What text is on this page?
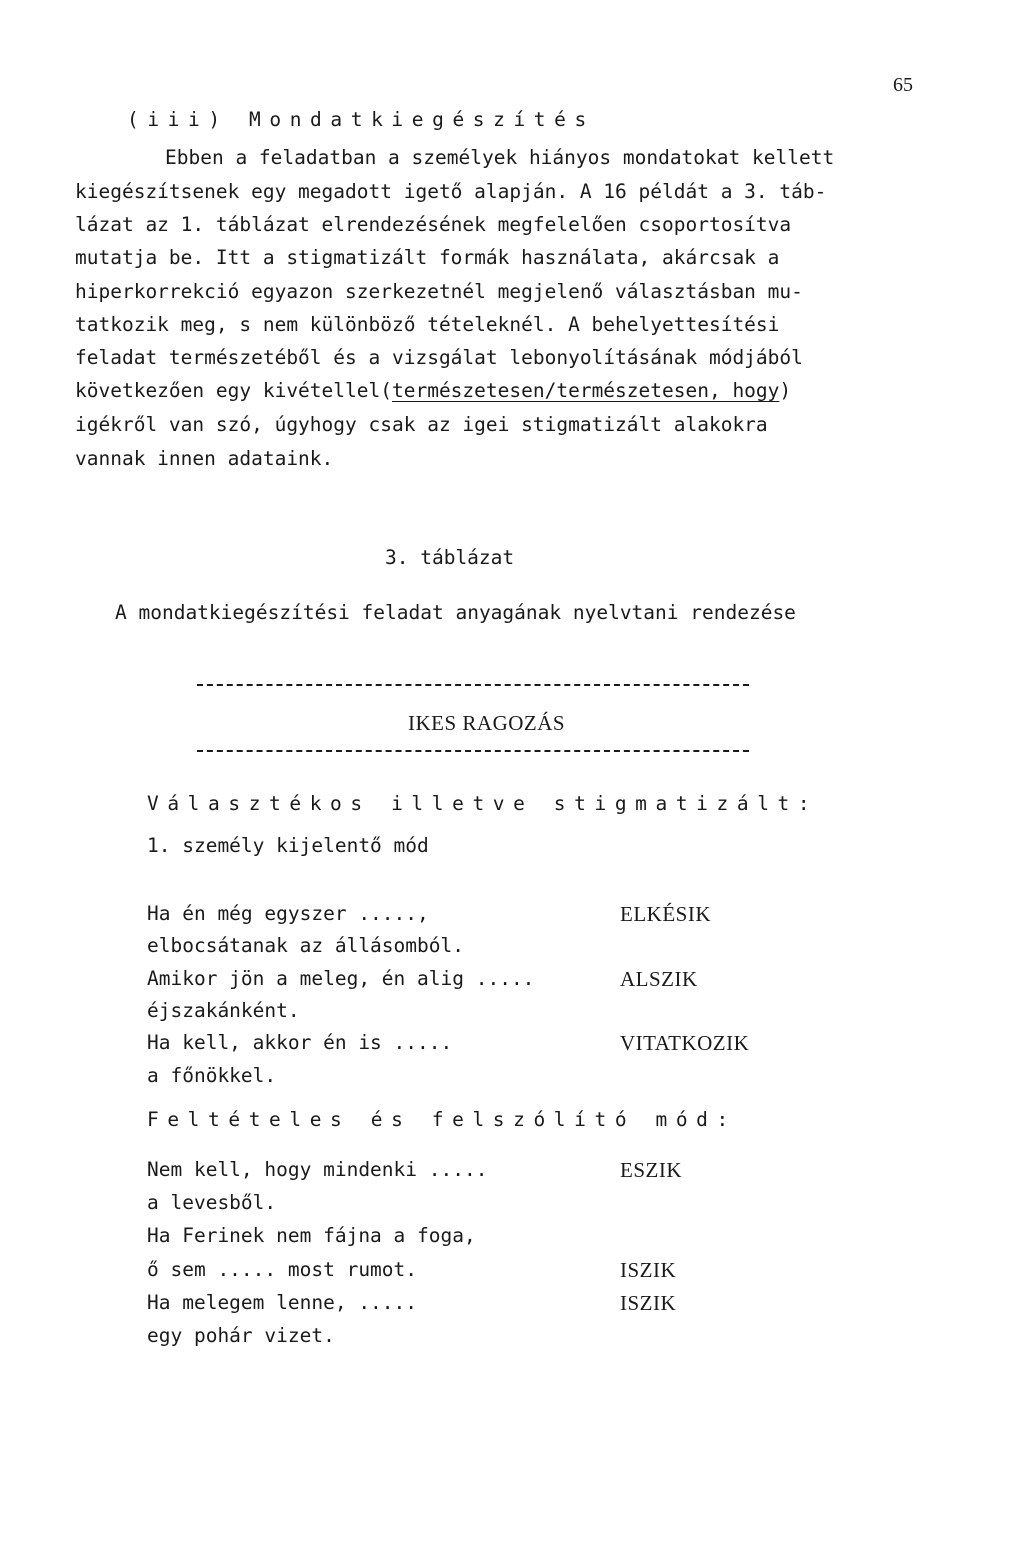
65
(iii) Mondatkiegészítés
Ebben a feladatban a személyek hiányos mondatokat kellett
kiegészítsenek egy megadott igető alapján. A 16 példát a 3. táb-
lázat az 1. táblázat elrendezésének megfelelően csoportosítva
mutatja be. Itt a stigmatizált formák használata, akárcsak a
hiperkorrekció egyazon szerkezetnél megjelenő választásban mu-
tatkozik meg, s nem különböző tételeknél. A behelyettesítési
feladat természetéből és a vizsgálat lebonyolításának módjából
következően egy kivétellel(természetesen/természetesen, hogy)
igékről van szó, úgyhogy csak az igei stigmatizált alakokra
vannak innen adataink.
3. táblázat
A mondatkiegészítési feladat anyagának nyelvtani rendezése
IKES RAGOZÁS
Választékos illetve stigmatizált:
1. személy kijelentő mód
Ha én még egyszer .....,	ELKÉSIK
elbocsátanak az állásomból.
Amikor jön a meleg, én alig .....	ALSZIK
éjszakánként.
Ha kell, akkor én is .....	VITATKOZIK
a főnökkel.
Feltételes és felszólító mód:
Nem kell, hogy mindenki .....	ESZIK
a levesből.
Ha Ferinek nem fájna a foga,
ő sem ..... most rumot.	ISZIK
Ha melegem lenne, .....	ISZIK
egy pohár vizet.
